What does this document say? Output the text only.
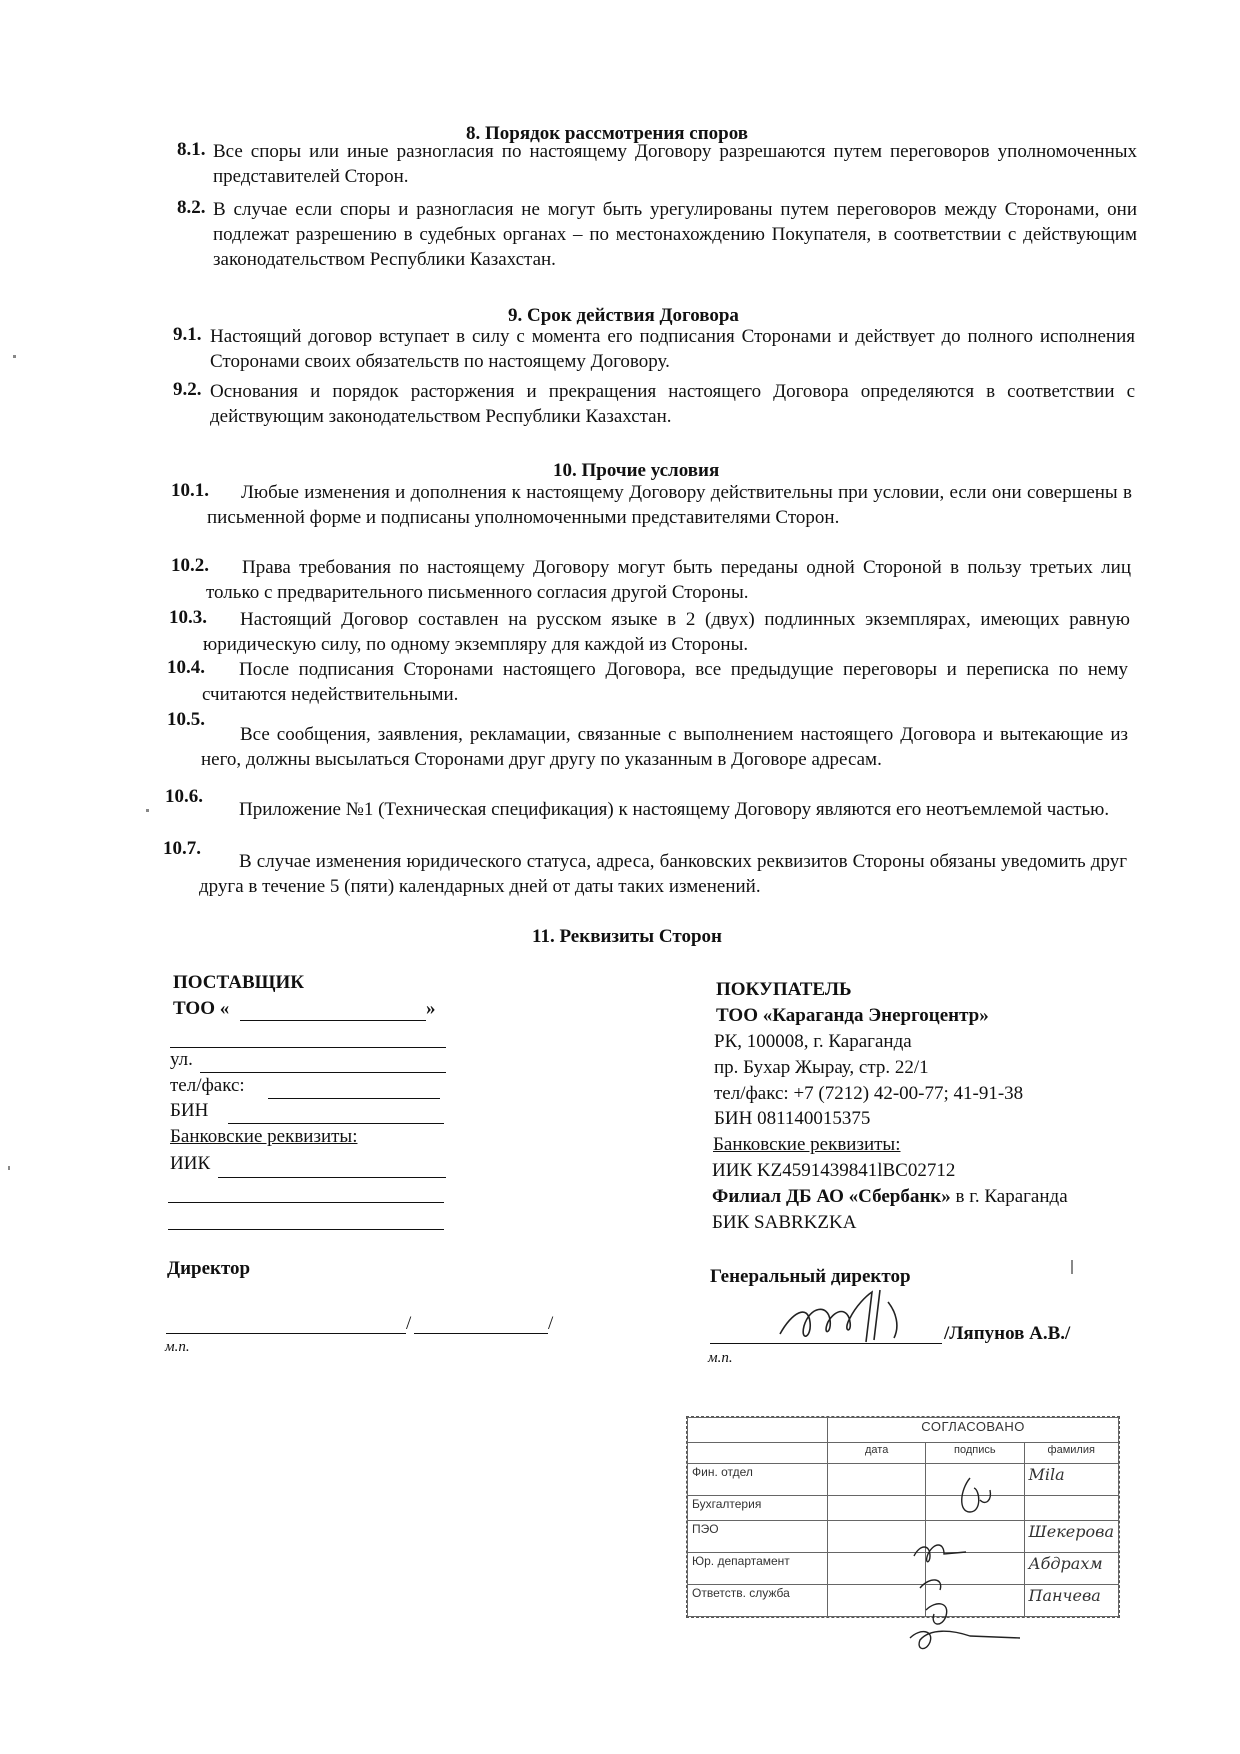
8. Порядок рассмотрения споров
8.1. Все споры или иные разногласия по настоящему Договору разрешаются путем переговоров уполномоченных представителей Сторон.
8.2. В случае если споры и разногласия не могут быть урегулированы путем переговоров между Сторонами, они подлежат разрешению в судебных органах – по местонахождению Покупателя, в соответствии с действующим законодательством Республики Казахстан.
9. Срок действия Договора
9.1. Настоящий договор вступает в силу с момента его подписания Сторонами и действует до полного исполнения Сторонами своих обязательств по настоящему Договору.
9.2. Основания и порядок расторжения и прекращения настоящего Договора определяются в соответствии с действующим законодательством Республики Казахстан.
10. Прочие условия
10.1.	Любые изменения и дополнения к настоящему Договору действительны при условии, если они совершены в письменной форме и подписаны уполномоченными представителями Сторон.
10.2.	Права требования по настоящему Договору могут быть переданы одной Стороной в пользу третьих лиц только с предварительного письменного согласия другой Стороны.
10.3.	Настоящий Договор составлен на русском языке в 2 (двух) подлинных экземплярах, имеющих равную юридическую силу, по одному экземпляру для каждой из Стороны.
10.4.	После подписания Сторонами настоящего Договора, все предыдущие переговоры и переписка по нему считаются недействительными.
10.5.
Все сообщения, заявления, рекламации, связанные с выполнением настоящего Договора и вытекающие из него, должны высылаться Сторонами друг другу по указанным в Договоре адресам.
10.6.
Приложение №1 (Техническая спецификация) к настоящему Договору являются его неотъемлемой частью.
10.7.
В случае изменения юридического статуса, адреса, банковских реквизитов Стороны обязаны уведомить друг друга в течение 5 (пяти) календарных дней от даты таких изменений.
11. Реквизиты Сторон
ПОСТАВЩИК
ТОО «	»
ул.
тел/факс:
БИН
Банковские реквизиты:
ИИК
Директор
/	/
м.п.
ПОКУПАТЕЛЬ
ТОО «Караганда Энергоцентр»
РК, 100008, г. Караганда
пр. Бухар Жырау, стр. 22/1
тел/факс: +7 (7212) 42-00-77; 41-91-38
БИН 081140015375
Банковские реквизиты:
ИИК KZ4591439841lBC02712
Филиал ДБ АО «Сбербанк» в г. Караганда
БИК SABRKZKA
Генеральный директор
/Ляпунов А.В./
м.п.
	СОГЛАСОВАНО		
	дата	подпись	фамилия
Фин. отдел			Mila
Бухгалтерия			
ПЭО			Шекерова
Юр. департамент			Абдрахм
Ответств. служба			Панчева
